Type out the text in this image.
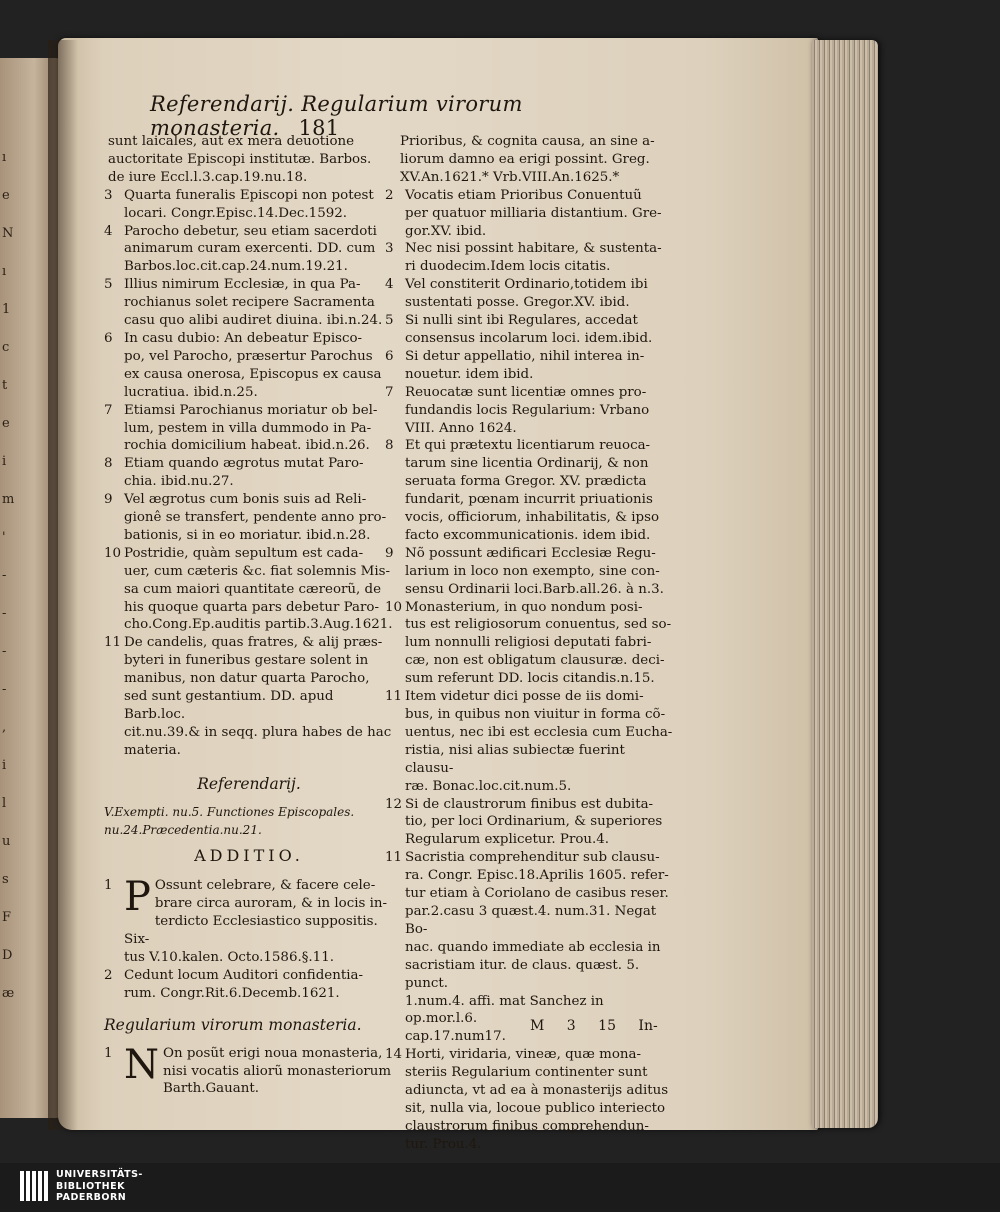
ı
e
N
ı
1
c
t
e
i
m
'
-
-
-
-
,
i
l
u
s
F
D
æ
Referendarij. Regularium virorum monasteria. 181
sunt laicales, aut ex mera deuotione
auctoritate Episcopi institutæ. Barbos.
de iure Eccl.l.3.cap.19.nu.18.
3 Quarta funeralis Episcopi non potest
locari. Congr.Episc.14.Dec.1592.
4 Parocho debetur, seu etiam sacerdoti
animarum curam exercenti. DD. cum
Barbos.loc.cit.cap.24.num.19.21.
5 Illius nimirum Ecclesiæ, in qua Pa-
rochianus solet recipere Sacramenta
casu quo alibi audiret diuina. ibi.n.24.
6 In casu dubio: An debeatur Episco-
po, vel Parocho, præsertur Parochus
ex causa onerosa, Episcopus ex causa
lucratiua. ibid.n.25.
7 Etiamsi Parochianus moriatur ob bel-
lum, pestem in villa dummodo in Pa-
rochia domicilium habeat. ibid.n.26.
8 Etiam quando ægrotus mutat Paro-
chia. ibid.nu.27.
9 Vel ægrotus cum bonis suis ad Reli-
gionê se transfert, pendente anno pro-
bationis, si in eo moriatur. ibid.n.28.
10 Postridie, quàm sepultum est cada-
uer, cum cæteris &c. fiat solemnis Mis-
sa cum maiori quantitate cæreorũ, de
his quoque quarta pars debetur Paro-
cho.Cong.Ep.auditis partib.3.Aug.1621.
11 De candelis, quas fratres, & alij præs-
byteri in funeribus gestare solent in
manibus, non datur quarta Parocho,
sed sunt gestantium. DD. apud Barb.loc.
cit.nu.39.& in seqq. plura habes de hac
materia.
Referendarij.
V.Exempti. nu.5. Functiones Episcopales.
nu.24.Præcedentia.nu.21.
ADDITIO.
1 P Ossunt celebrare, & facere cele-
brare circa auroram, & in locis in-
terdicto Ecclesiastico suppositis. Six-
tus V.10.kalen. Octo.1586.§.11.
2 Cedunt locum Auditori confidentia-
rum. Congr.Rit.6.Decemb.1621.
Regularium virorum monasteria.
1 N On posũt erigi noua monasteria,
nisi vocatis aliorũ monasteriorum
Barth.Gauant.
Prioribus, & cognita causa, an sine a-
liorum damno ea erigi possint. Greg.
XV.An.1621.* Vrb.VIII.An.1625.*
2 Vocatis etiam Prioribus Conuentuũ
per quatuor milliaria distantium. Gre-
gor.XV. ibid.
3 Nec nisi possint habitare, & sustenta-
ri duodecim.Idem locis citatis.
4 Vel constiterit Ordinario,totidem ibi
sustentati posse. Gregor.XV. ibid.
5 Si nulli sint ibi Regulares, accedat
consensus incolarum loci. idem.ibid.
6 Si detur appellatio, nihil interea in-
nouetur. idem ibid.
7 Reuocatæ sunt licentiæ omnes pro-
fundandis locis Regularium: Vrbano
VIII. Anno 1624.
8 Et qui prætextu licentiarum reuoca-
tarum sine licentia Ordinarij, & non
seruata forma Gregor. XV. prædicta
fundarit, pœnam incurrit priuationis
vocis, officiorum, inhabilitatis, & ipso
facto excommunicationis. idem ibid.
9 Nõ possunt ædificari Ecclesiæ Regu-
larium in loco non exempto, sine con-
sensu Ordinarii loci.Barb.all.26. à n.3.
10 Monasterium, in quo nondum posi-
tus est religiosorum conuentus, sed so-
lum nonnulli religiosi deputati fabri-
cæ, non est obligatum clausuræ. deci-
sum referunt DD. locis citandis.n.15.
11 Item videtur dici posse de iis domi-
bus, in quibus non viuitur in forma cõ-
uentus, nec ibi est ecclesia cum Eucha-
ristia, nisi alias subiectæ fuerint clausu-
ræ. Bonac.loc.cit.num.5.
12 Si de claustrorum finibus est dubita-
tio, per loci Ordinarium, & superiores
Regularum explicetur. Prou.4.
11 Sacristia comprehenditur sub clausu-
ra. Congr. Episc.18.Aprilis 1605. refer-
tur etiam à Coriolano de casibus reser.
par.2.casu 3 quæst.4. num.31. Negat Bo-
nac. quando immediate ab ecclesia in
sacristiam itur. de claus. quæst. 5. punct.
1.num.4. affi. mat Sanchez in op.mor.l.6.
cap.17.num17.
14 Horti, viridaria, vineæ, quæ mona-
steriis Regularium continenter sunt
adiuncta, vt ad ea à monasterijs aditus
sit, nulla via, locoue publico interiecto
claustrorum finibus comprehendun-
tur. Prou.4.
M 3 15 In-
UNIVERSITÄTS-
BIBLIOTHEK
PADERBORN
